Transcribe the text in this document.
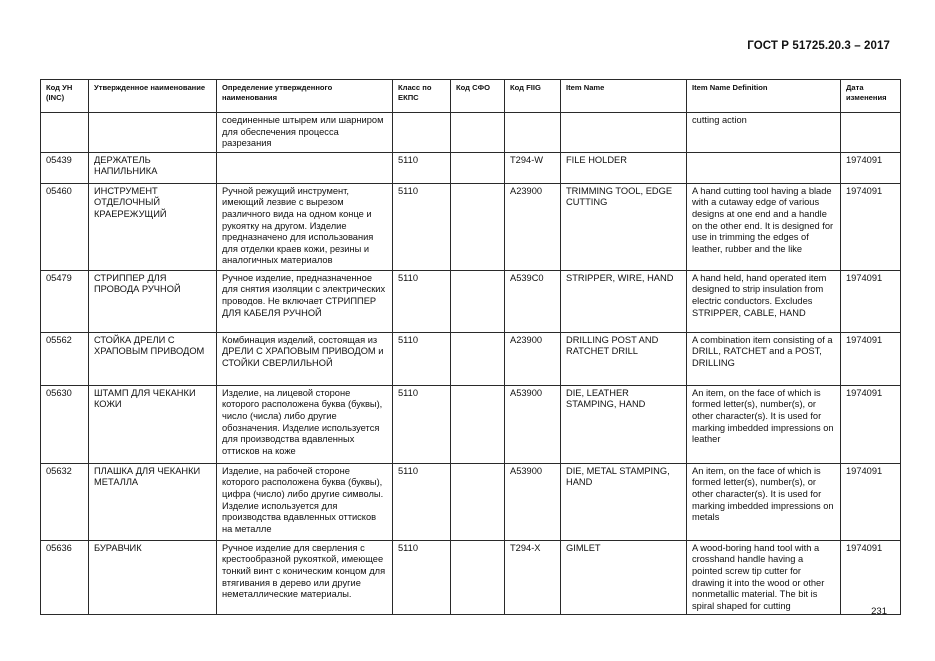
ГОСТ Р 51725.20.3 – 2017
Код УН (INC)	Утвержденное наименование	Определение утвержденного наименования	Класс по ЕКПС	Код СФО	Код FIIG	Item Name	Item Name Definition	Дата изменения
		соединенные штырем или шарниром для обеспечения процесса разрезания					cutting action	
05439	ДЕРЖАТЕЛЬ НАПИЛЬНИКА		5110		T294-W	FILE HOLDER		1974091
05460	ИНСТРУМЕНТ ОТДЕЛОЧНЫЙ КРАЕРЕЖУЩИЙ	Ручной режущий инструмент, имеющий лезвие с вырезом различного вида на одном конце и рукоятку на другом. Изделие предназначено для использования для отделки краев кожи, резины и аналогичных материалов	5110		A23900	TRIMMING TOOL, EDGE CUTTING	A hand cutting tool having a blade with a cutaway edge of various designs at one end and a handle on the other end. It is designed for use in trimming the edges of leather, rubber and the like	1974091
05479	СТРИППЕР ДЛЯ ПРОВОДА РУЧНОЙ	Ручное изделие, предназначенное для снятия изоляции с электрических проводов. Не включает СТРИППЕР ДЛЯ КАБЕЛЯ РУЧНОЙ	5110		A539C0	STRIPPER, WIRE, HAND	A hand held, hand operated item designed to strip insulation from electric conductors. Excludes STRIPPER, CABLE, HAND	1974091
05562	СТОЙКА ДРЕЛИ С ХРАПОВЫМ ПРИВОДОМ	Комбинация изделий, состоящая из ДРЕЛИ С ХРАПОВЫМ ПРИВОДОМ и СТОЙКИ СВЕРЛИЛЬНОЙ	5110		A23900	DRILLING POST AND RATCHET DRILL	A combination item consisting of a DRILL, RATCHET and a POST, DRILLING	1974091
05630	ШТАМП ДЛЯ ЧЕКАНКИ КОЖИ	Изделие, на лицевой стороне которого расположена буква (буквы), число (числа) либо другие обозначения. Изделие используется для производства вдавленных оттисков на коже	5110		A53900	DIE, LEATHER STAMPING, HAND	An item, on the face of which is formed letter(s), number(s), or other character(s). It is used for marking imbedded impressions on leather	1974091
05632	ПЛАШКА ДЛЯ ЧЕКАНКИ МЕТАЛЛА	Изделие, на рабочей стороне которого расположена буква (буквы), цифра (число) либо другие символы. Изделие используется для производства вдавленных оттисков на металле	5110		A53900	DIE, METAL STAMPING, HAND	An item, on the face of which is formed letter(s), number(s), or other character(s). It is used for marking imbedded impressions on metals	1974091
05636	БУРАВЧИК	Ручное изделие для сверления с крестообразной рукояткой, имеющее тонкий винт с коническим концом для втягивания в дерево или другие неметаллические материалы.	5110		T294-X	GIMLET	A wood-boring hand tool with a crosshand handle having a pointed screw tip cutter for drawing it into the wood or other nonmetallic material. The bit is spiral shaped for cutting	1974091
231
